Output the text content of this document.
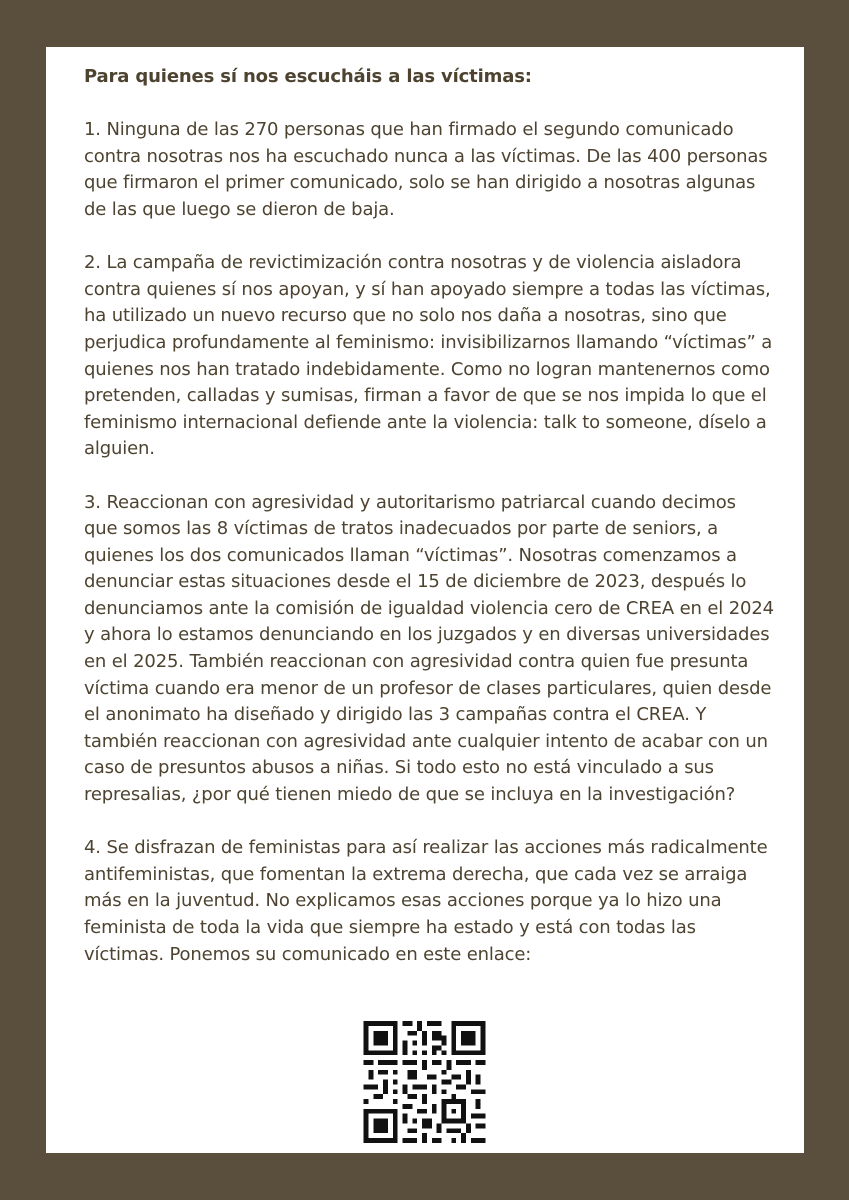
Para quienes sí nos escucháis a las víctimas:

1. Ninguna de las 270 personas que han firmado el segundo comunicado contra nosotras nos ha escuchado nunca a las víctimas. De las 400 personas que firmaron el primer comunicado, solo se han dirigido a nosotras algunas de las que luego se dieron de baja.

2. La campaña de revictimización contra nosotras y de violencia aisladora contra quienes sí nos apoyan, y sí han apoyado siempre a todas las víctimas, ha utilizado un nuevo recurso que no solo nos daña a nosotras, sino que perjudica profundamente al feminismo: invisibilizarnos llamando “víctimas” a quienes nos han tratado indebidamente. Como no logran mantenernos como pretenden, calladas y sumisas, firman a favor de que se nos impida lo que el feminismo internacional defiende ante la violencia: talk to someone, díselo a alguien.

3. Reaccionan con agresividad y autoritarismo patriarcal cuando decimos que somos las 8 víctimas de tratos inadecuados por parte de seniors, a quienes los dos comunicados llaman “víctimas”. Nosotras comenzamos a denunciar estas situaciones desde el 15 de diciembre de 2023, después lo denunciamos ante la comisión de igualdad violencia cero de CREA en el 2024 y ahora lo estamos denunciando en los juzgados y en diversas universidades en el 2025. También reaccionan con agresividad contra quien fue presunta víctima cuando era menor de un profesor de clases particulares, quien desde el anonimato ha diseñado y dirigido las 3 campañas contra el CREA. Y también reaccionan con agresividad ante cualquier intento de acabar con un caso de presuntos abusos a niñas. Si todo esto no está vinculado a sus represalias, ¿por qué tienen miedo de que se incluya en la investigación?

4. Se disfrazan de feministas para así realizar las acciones más radicalmente antifeministas, que fomentan la extrema derecha, que cada vez se arraiga más en la juventud. No explicamos esas acciones porque ya lo hizo una feminista de toda la vida que siempre ha estado y está con todas las víctimas. Ponemos su comunicado en este enlace:
